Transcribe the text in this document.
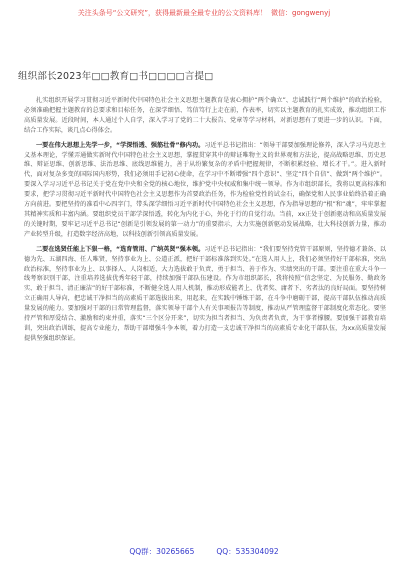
关注头条号“公文研究”，获得最新最全最专业的公文资料库！ 微信：gongwenyj
组织部长2023年□□教育□书□□□□言提□

扎实组织开展学习贯彻习近平新时代中国特色社会主义思想主题教育是衷心拥护“两个确立”、忠诚践行“两个维护”的政治检验，必须准确把握主题教育的总要求和目标任务，在深学细悟、笃信笃行上走在前，作表率，切实以主题教育的扎实成效，推动组织工作高质量发展。近段时间，本人通过个人自学，深入学习了党的二十大报告、党章等学习材料，对新思想有了更进一步的认识。下面，结合工作实际，谈几点心得体会。

一要在伟大思想上先学一步，“学深悟透、强筋壮骨”修内功。习近平总书记指出：“领导干部要加强理论修养，深入学习马克思主义基本理论，学懂弄通做实新时代中国特色社会主义思想，掌握贯穿其中的辩证唯物主义的世界观和方法论，提高战略思维、历史思维、辩证思维、创新思维、法治思维、底线思维能力，善于从纷繁复杂的矛盾中把握规律，不断积累经验、增长才干。”。进入新时代，面对复杂多变的国际国内形势，我们必须用手记初心使命，在学习中不断增强“四个意识”、坚定“四个自信”、做到“两个维护”。要深入学习习近平总书记关于党在党中央和全党的核心地位，维护党中央权威和集中统一领导。作为市组织部长，我将以更高标准和要求，把学习贯彻习近平新时代中国特色社会主义思想作为首要政治任务，作为检验党性的试金石，确保党和人民事业始终沿着正确方向前进。要把坚持的准看中心四字门，带头深学细悟习近平新时代中国特色社会主义思想，作为指导思想的“根”和“魂”，牢牢掌握其精神实质和丰富内涵。要组织党员干部学深悟透，转化为内化于心，外化于行的自觉行动。当前，xx正处于创新驱动和高质量发展的关键时期，要牢记习近平总书记“创新是引领发展的第一动力”的重要指示，大力实施创新驱动发展战略，壮大科技创新力量，推动产业转型升级，打造数字经济高地，以科技创新引领高质量发展。

二要在选贤任能上下狠一格，“选育管用、广纳英贤”强本领。习近平总书记指出：“我们要坚持党管干部原则，坚持德才兼备、以德为先、五湖四海、任人唯贤，坚持事业为上、公道正派，把好干部标准落到实处。”在选人用人上，我们必须坚持好干部标准，突出政治标准，坚持事业为上、以事择人、人岗相适，大力选拔敢于负责、勇于担当、善于作为、实绩突出的干部。要注重在重大斗争一线考察识别干部，注重培养选拔优秀年轻干部，持续加强干部队伍建设。作为市组织部长，我将按照“信念坚定、为民服务、勤政务实、敢于担当、清正廉洁”的好干部标准，不断健全选人用人机制，推动形成能者上、优者奖、庸者下、劣者汰的良好局面。要坚持树立正确用人导向，把忠诚干净担当的高素质干部选拔出来，用起来，在实践中锤炼干部，在斗争中磨砺干部，提高干部队伍推动高质量发展的能力。要加强对干部的日常管理监督，落实领导干部个人有关事项报告等制度，推动从严管理监督干部制度化常态化。要坚持严管和厚爱结合、激励和约束并重，落实“三个区分开来”，切实为担当者担当、为负责者负责，为干事者撑腰。要加强干部教育培训，突出政治训练，提高专业能力，帮助干部增强斗争本领，着力打造一支忠诚干净担当的高素质专业化干部队伍，为xx高质量发展提供坚强组织保证。

QQ群：30265665	QQ：535304092
